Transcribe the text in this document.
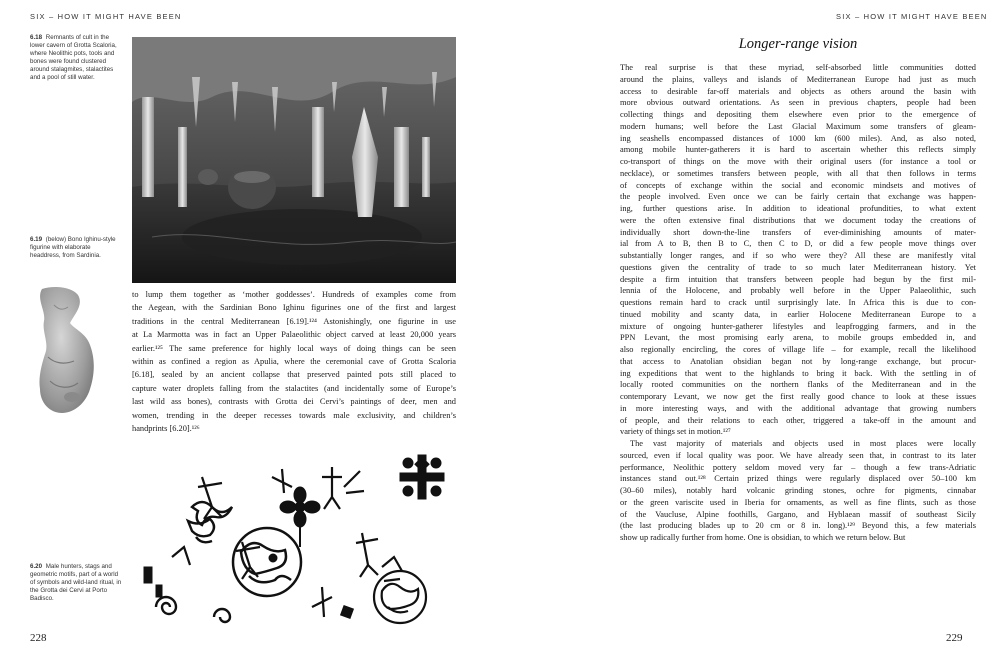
SIX – HOW IT MIGHT HAVE BEEN	SIX – HOW IT MIGHT HAVE BEEN
6.18 Remnants of cult in the lower cavern of Grotta Scaloria, where Neolithic pots, tools and bones were found clustered around stalagmites, stalactites and a pool of still water.
6.19 (below) Bono Ighinu-style figurine with elaborate headdress, from Sardinia.
to lump them together as ‘mother goddesses’. Hundreds of examples come from
the Aegean, with the Sardinian Bono Ighinu figurines one of the first and largest
traditions in the central Mediterranean [6.19].¹²⁴ Astonishingly, one figurine in use
at La Marmotta was in fact an Upper Palaeolithic object carved at least 20,000 years
earlier.¹²⁵ The same preference for highly local ways of doing things can be seen
within as confined a region as Apulia, where the ceremonial cave of Grotta Scaloria
[6.18], sealed by an ancient collapse that preserved painted pots still placed to
capture water droplets falling from the stalactites (and incidentally some of Europe’s
last wild ass bones), contrasts with Grotta dei Cervi’s paintings of deer, men and
women, trending in the deeper recesses towards male exclusivity, and children’s
handprints [6.20].¹²⁶
6.20 Male hunters, stags and geometric motifs, part of a world of symbols and wild-land ritual, in the Grotta dei Cervi at Porto Badisco.
Longer-range vision
The real surprise is that these myriad, self-absorbed little communities dotted
around the plains, valleys and islands of Mediterranean Europe had just as much
access to desirable far-off materials and objects as others around the basin with
more obvious outward orientations. As seen in previous chapters, people had been
collecting things and depositing them elsewhere even prior to the emergence of
modern humans; well before the Last Glacial Maximum some transfers of gleam-
ing seashells encompassed distances of 1000 km (600 miles). And, as also noted,
among mobile hunter-gatherers it is hard to ascertain whether this reflects simply
co-transport of things on the move with their original users (for instance a tool or
necklace), or sometimes transfers between people, with all that then follows in terms
of concepts of exchange within the social and economic mindsets and motives of
the people involved. Even once we can be fairly certain that exchange was happen-
ing, further questions arise. In addition to ideational profundities, to what extent
were the often extensive final distributions that we document today the creations of
individually short down-the-line transfers of ever-diminishing amounts of mater-
ial from A to B, then B to C, then C to D, or did a few people move things over
substantially longer ranges, and if so who were they? All these are manifestly vital
questions given the centrality of trade to so much later Mediterranean history. Yet
despite a firm intuition that transfers between people had begun by the first mil-
lennia of the Holocene, and probably well before in the Upper Palaeolithic, such
questions remain hard to crack until surprisingly late. In Africa this is due to con-
tinued mobility and scanty data, in earlier Holocene Mediterranean Europe to a
mixture of ongoing hunter-gatherer lifestyles and leapfrogging farmers, and in the
PPN Levant, the most promising early arena, to mobile groups embedded in, and
also regionally encircling, the cores of village life – for example, recall the likelihood
that access to Anatolian obsidian began not by long-range exchange, but procur-
ing expeditions that went to the highlands to bring it back. With the settling in of
locally rooted communities on the northern flanks of the Mediterranean and in the
contemporary Levant, we now get the first really good chance to look at these issues
in more interesting ways, and with the additional advantage that growing numbers
of people, and their relations to each other, triggered a take-off in the amount and
variety of things set in motion.¹²⁷
The vast majority of materials and objects used in most places were locally
sourced, even if local quality was poor. We have already seen that, in contrast to its later
performance, Neolithic pottery seldom moved very far – though a few trans-Adriatic
instances stand out.¹²⁸ Certain prized things were regularly displaced over 50–100 km
(30–60 miles), notably hard volcanic grinding stones, ochre for pigments, cinnabar
or the green variscite used in Iberia for ornaments, as well as fine flints, such as those
of the Vaucluse, Alpine foothills, Gargano, and Hyblaean massif of southeast Sicily
(the last producing blades up to 20 cm or 8 in. long).¹²⁹ Beyond this, a few materials
show up radically further from home. One is obsidian, to which we return below. But
228	229
